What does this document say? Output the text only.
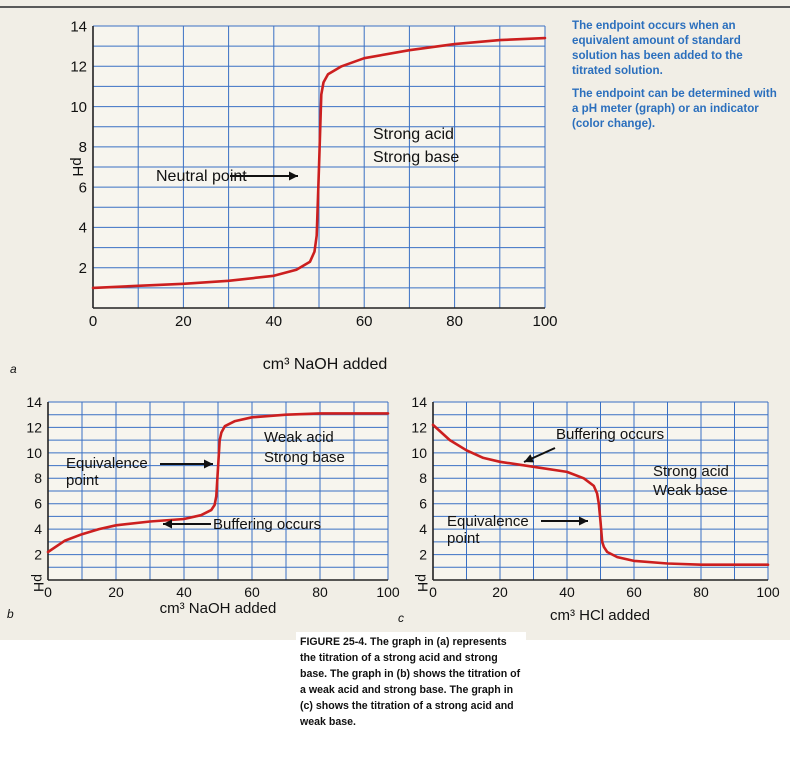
0	20	40	60	80	100
2
4
6
8
10
12
14
cm³ NaOH added
pH
a
Neutral point
Strong acid
Strong base
0	20	40	60	80	100
2
4
6
8
10
12
14
cm³ NaOH added
pH
b
Weak acid
Strong base
Equivalence
point
Buffering occurs
0	20	40	60	80	100
2
4
6
8
10
12
14
cm³ HCl added
pH
c
Buffering occurs
Strong acid
Weak base
Equivalence
point

The endpoint occurs when an equivalent amount of standard solution has been added to the titrated solution.

The endpoint can be determined with a pH meter (graph) or an indicator (color change).

FIGURE 25-4. The graph in (a) represents the titration of a strong acid and strong base. The graph in (b) shows the titration of a weak acid and strong base. The graph in (c) shows the titration of a strong acid and weak base.
